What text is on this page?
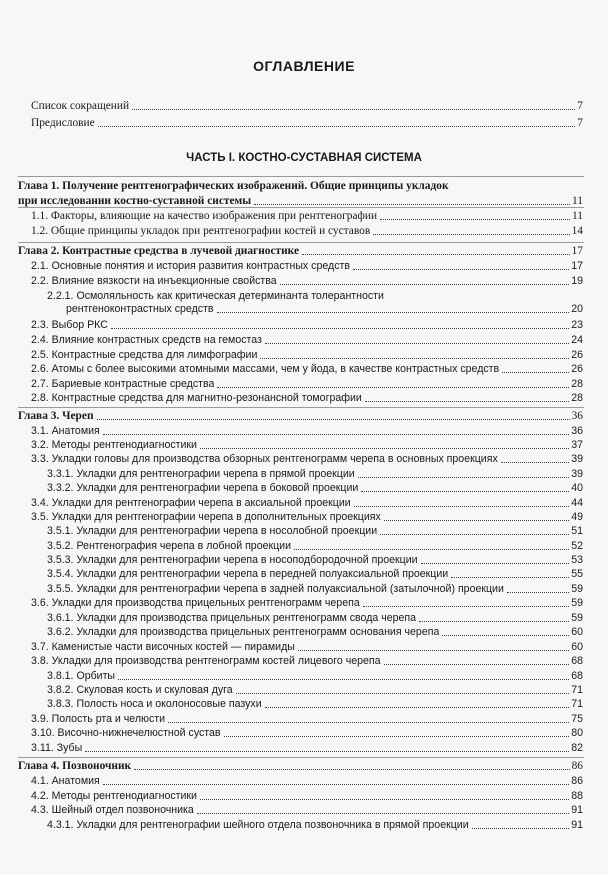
ОГЛАВЛЕНИЕ
Список сокращений	7
Предисловие	7
ЧАСТЬ I. КОСТНО-СУСТАВНАЯ СИСТЕМА
Глава 1. Получение рентгенографических изображений. Общие принципы укладок
при исследовании костно-суставной системы	11
1.1. Факторы, влияющие на качество изображения при рентгенографии	11
1.2. Общие принципы укладок при рентгенографии костей и суставов	14
Глава 2. Контрастные средства в лучевой диагностике	17
2.1. Основные понятия и история развития контрастных средств	17
2.2. Влияние вязкости на инъекционные свойства	19
2.2.1. Осмоляльность как критическая детерминанта толерантности
рентгеноконтрастных средств	20
2.3. Выбор РКС	23
2.4. Влияние контрастных средств на гемостаз	24
2.5. Контрастные средства для лимфографии	26
2.6. Атомы с более высокими атомными массами, чем у йода, в качестве контрастных средств	26
2.7. Бариевые контрастные средства	28
2.8. Контрастные средства для магнитно-резонансной томографии	28
Глава 3. Череп	36
3.1. Анатомия	36
3.2. Методы рентгенодиагностики	37
3.3. Укладки головы для производства обзорных рентгенограмм черепа в основных проекциях	39
3.3.1. Укладки для рентгенографии черепа в прямой проекции	39
3.3.2. Укладки для рентгенографии черепа в боковой проекции	40
3.4. Укладки для рентгенографии черепа в аксиальной проекции	44
3.5. Укладки для рентгенографии черепа в дополнительных проекциях	49
3.5.1. Укладки для рентгенографии черепа в носолобной проекции	51
3.5.2. Рентгенография черепа в лобной проекции	52
3.5.3. Укладки для рентгенографии черепа в носоподбородочной проекции	53
3.5.4. Укладки для рентгенографии черепа в передней полуаксиальной проекции	55
3.5.5. Укладки для рентгенографии черепа в задней полуаксиальной (затылочной) проекции	59
3.6. Укладки для производства прицельных рентгенограмм черепа	59
3.6.1. Укладки для производства прицельных рентгенограмм свода черепа	59
3.6.2. Укладки для производства прицельных рентгенограмм основания черепа	60
3.7. Каменистые части височных костей — пирамиды	60
3.8. Укладки для производства рентгенограмм костей лицевого черепа	68
3.8.1. Орбиты	68
3.8.2. Скуловая кость и скуловая дуга	71
3.8.3. Полость носа и околоносовые пазухи	71
3.9. Полость рта и челюсти	75
3.10. Височно-нижнечелюстной сустав	80
3.11. Зубы	82
Глава 4. Позвоночник	86
4.1. Анатомия	86
4.2. Методы рентгенодиагностики	88
4.3. Шейный отдел позвоночника	91
4.3.1. Укладки для рентгенографии шейного отдела позвоночника в прямой проекции	91
